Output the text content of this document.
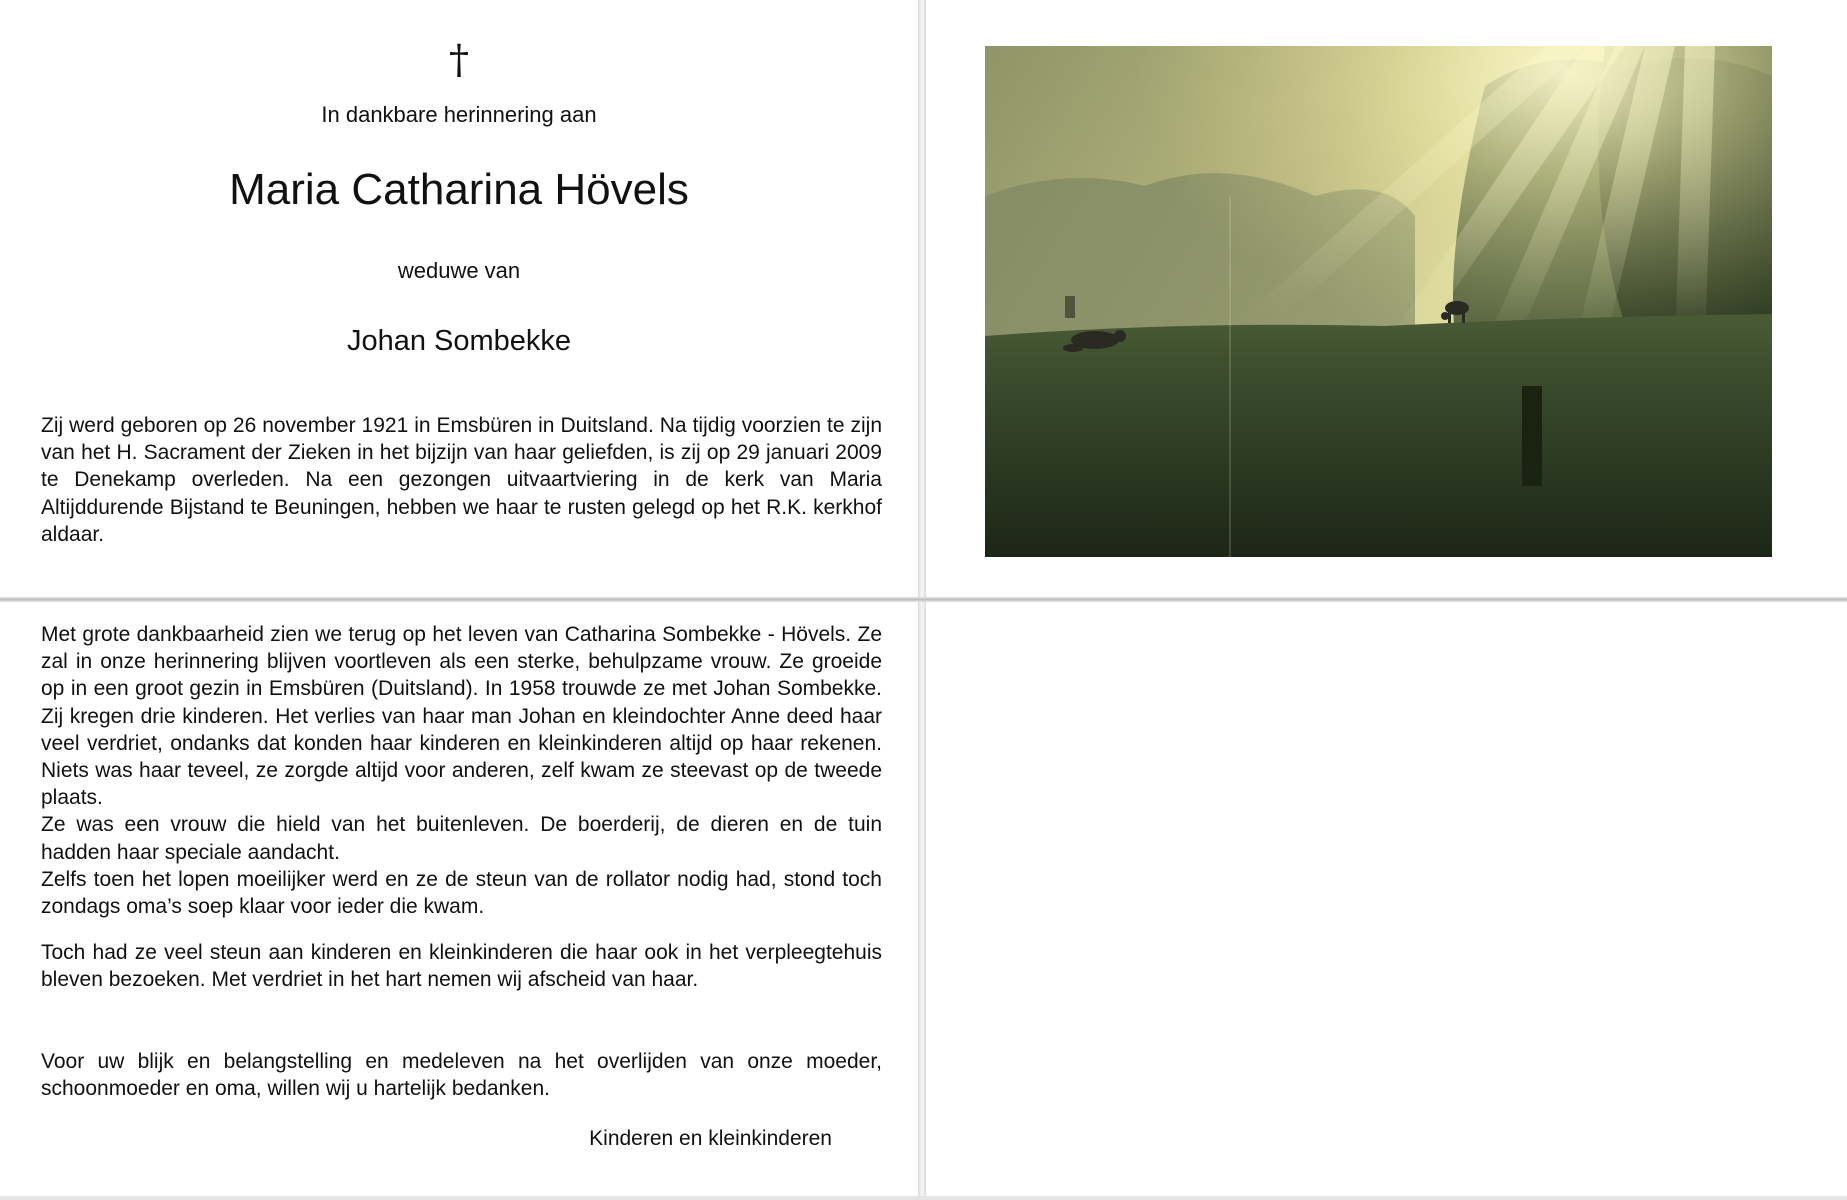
†
In dankbare herinnering aan
Maria Catharina Hövels
weduwe van
Johan Sombekke

Zij werd geboren op 26 november 1921 in Emsbüren in Duitsland. Na tijdig voorzien te zijn van het H. Sacrament der Zieken in het bijzijn van haar geliefden, is zij op 29 januari 2009 te Denekamp overleden. Na een gezongen uitvaartviering in de kerk van Maria Altijddurende Bijstand te Beuningen, hebben we haar te rusten gelegd op het R.K. kerkhof aldaar.

Met grote dankbaarheid zien we terug op het leven van Catharina Sombekke - Hövels. Ze zal in onze herinnering blijven voortleven als een sterke, behulpzame vrouw. Ze groeide op in een groot gezin in Emsbüren (Duitsland). In 1958 trouwde ze met Johan Sombekke. Zij kregen drie kinderen. Het verlies van haar man Johan en kleindochter Anne deed haar veel verdriet, ondanks dat konden haar kinderen en kleinkinderen altijd op haar rekenen. Niets was haar teveel, ze zorgde altijd voor anderen, zelf kwam ze steevast op de tweede plaats.
Ze was een vrouw die hield van het buitenleven. De boerderij, de dieren en de tuin hadden haar speciale aandacht.
Zelfs toen het lopen moeilijker werd en ze de steun van de rollator nodig had, stond toch zondags oma’s soep klaar voor ieder die kwam.

Toch had ze veel steun aan kinderen en kleinkinderen die haar ook in het verpleegtehuis bleven bezoeken. Met verdriet in het hart nemen wij afscheid van haar.

Voor uw blijk en belangstelling en medeleven na het overlijden van onze moeder, schoonmoeder en oma, willen wij u hartelijk bedanken.

Kinderen en kleinkinderen
